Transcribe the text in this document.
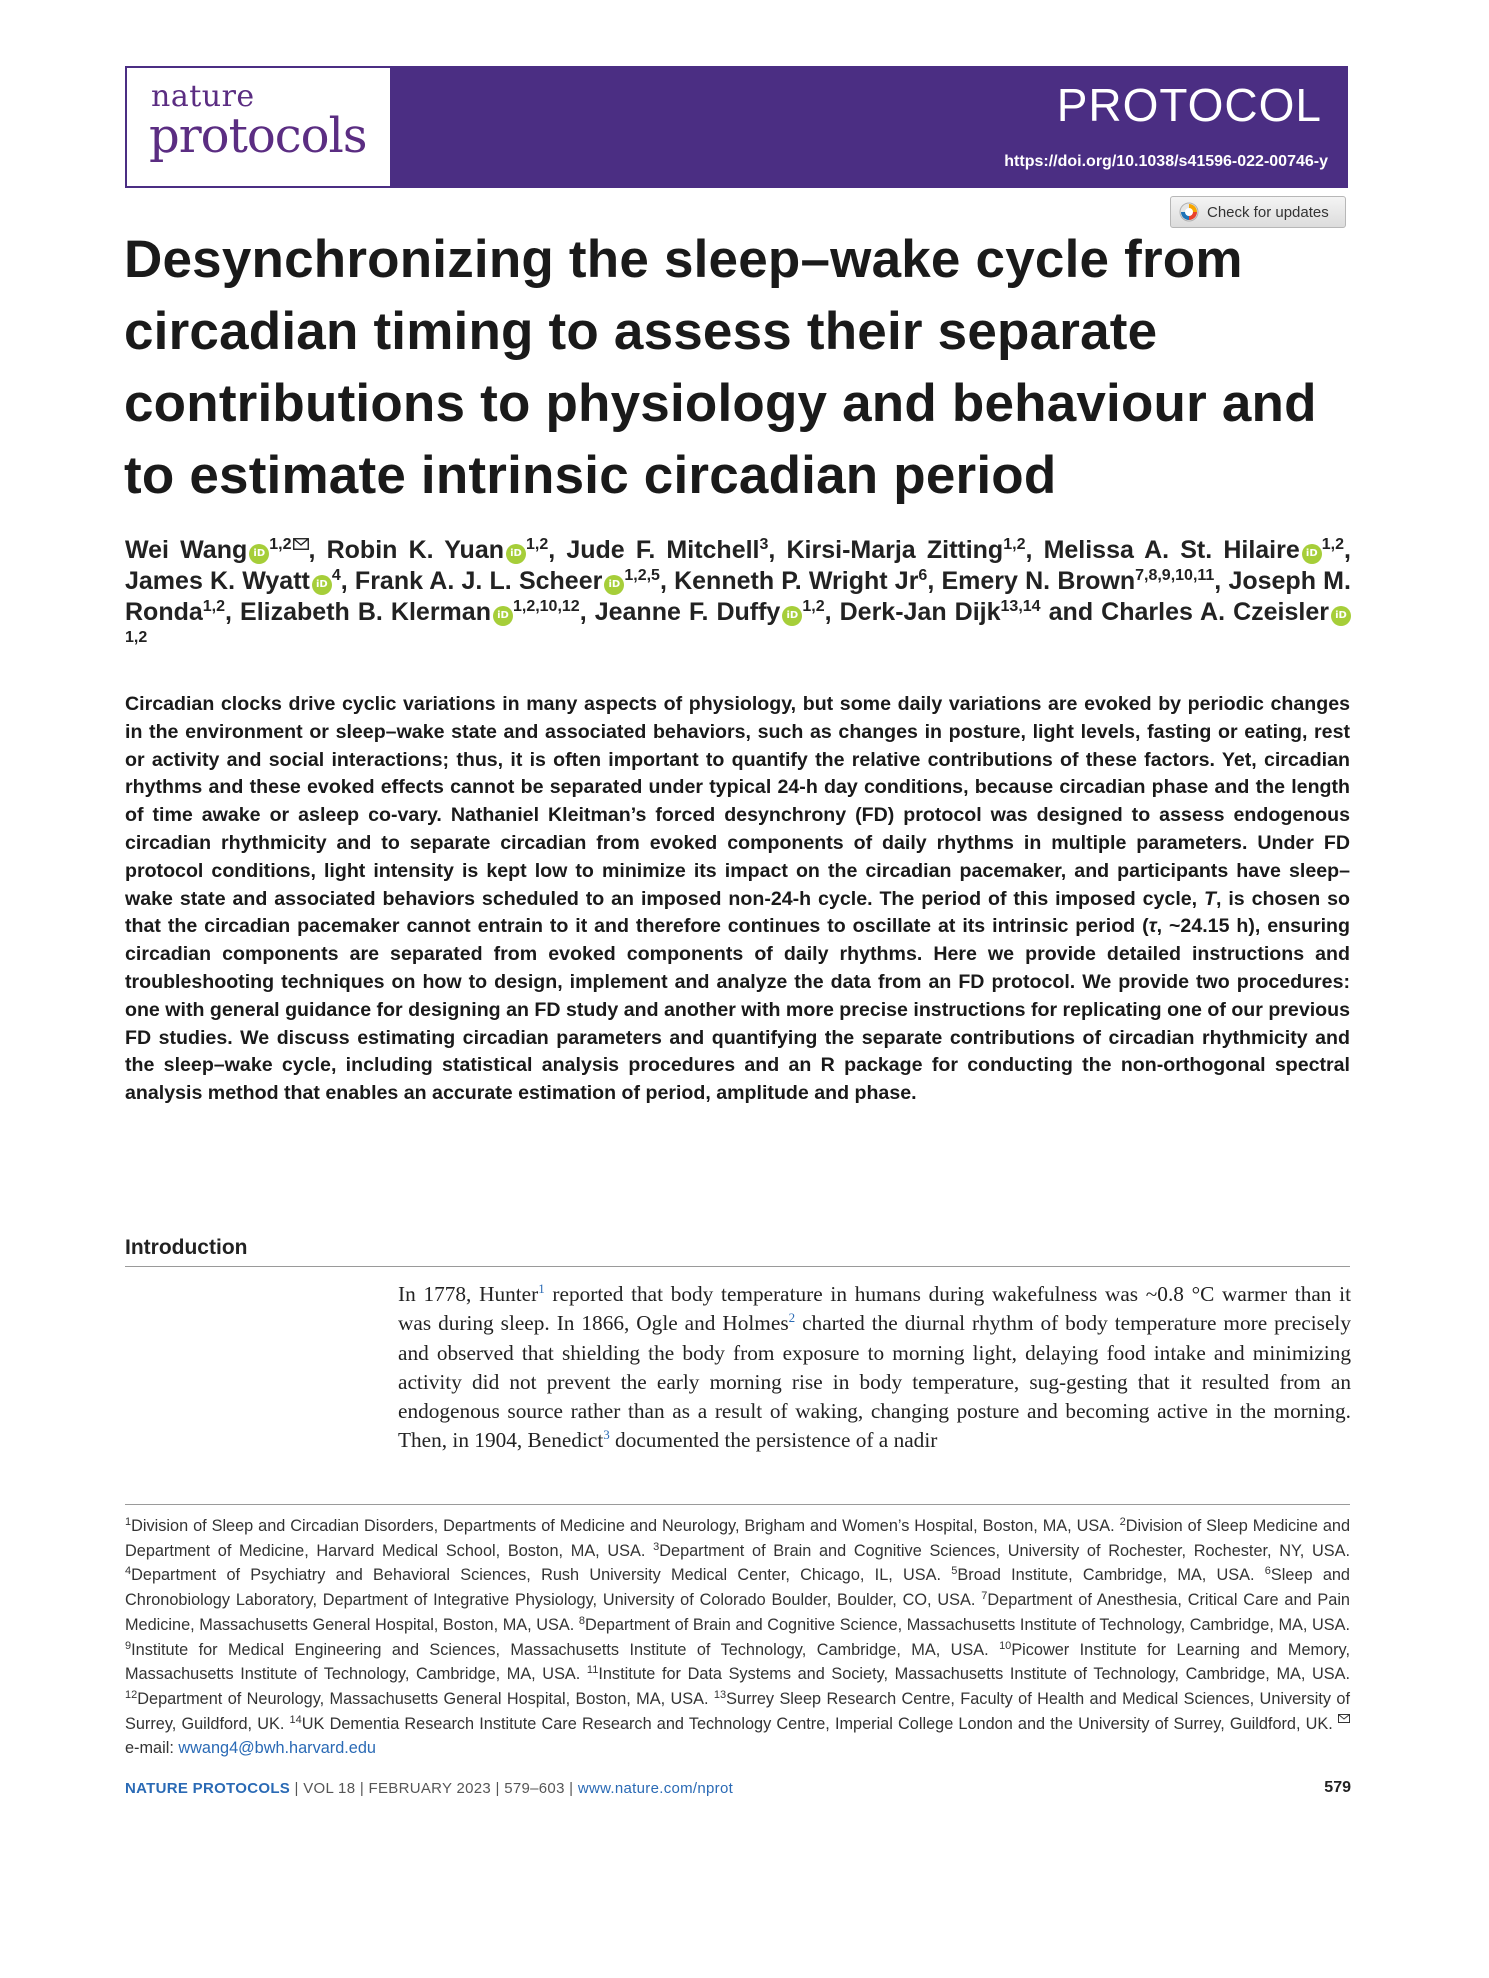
nature
protocols
PROTOCOL
https://doi.org/10.1038/s41596-022-00746-y
Check for updates
Desynchronizing the sleep–wake cycle from circadian timing to assess their separate contributions to physiology and behaviour and to estimate intrinsic circadian period
Wei Wang iD$^{1,2}$ , Robin K. Yuan iD$^{1,2}$, Jude F. Mitchell$^3$, Kirsi-Marja Zitting$^{1,2}$, Melissa A. St. Hilaire iD$^{1,2}$, James K. Wyatt $iD^4$, Frank A. J. L. Scheer iD$^{1,2,5}$, Kenneth P. Wright Jr$^6$, Emery N. Brown$^{7,8,9,10,11}$, Joseph M. Ronda$^{1,2}$, Elizabeth B. Klerman iD$^{1,2,10,12}$, Jeanne F. Duffy iD$^{1,2}$, Derk-Jan Dijk$^{13,14}$ and Charles A. Czeisler iD$^{1,2}$

Circadian clocks drive cyclic variations in many aspects of physiology, but some daily variations are evoked by periodic changes in the environment or sleep–wake state and associated behaviors, such as changes in posture, light levels, fasting or eating, rest or activity and social interactions; thus, it is often important to quantify the relative contributions of these factors. Yet, circadian rhythms and these evoked effects cannot be separated under typical 24-h day conditions, because circadian phase and the length of time awake or asleep co-vary. Nathaniel Kleitman’s forced desynchrony (FD) protocol was designed to assess endogenous circadian rhythmicity and to separate circadian from evoked components of daily rhythms in multiple parameters. Under FD protocol conditions, light intensity is kept low to minimize its impact on the circadian pacemaker, and participants have sleep–wake state and associated behaviors scheduled to an imposed non-24-h cycle. The period of this imposed cycle, T, is chosen so that the circadian pacemaker cannot entrain to it and therefore continues to oscillate at its intrinsic period (τ, ~24.15 h), ensuring circadian components are separated from evoked components of daily rhythms. Here we provide detailed instructions and troubleshooting techniques on how to design, implement and analyze the data from an FD protocol. We provide two procedures: one with general guidance for designing an FD study and another with more precise instructions for replicating one of our previous FD studies. We discuss estimating circadian parameters and quantifying the separate contributions of circadian rhythmicity and the sleep–wake cycle, including statistical analysis procedures and an R package for conducting the non-orthogonal spectral analysis method that enables an accurate estimation of period, amplitude and phase.

Introduction

In 1778, Hunter$^1$ reported that body temperature in humans during wakefulness was ~0.8 °C warmer than it was during sleep. In 1866, Ogle and Holmes$^2$ charted the diurnal rhythm of body temperature more precisely and observed that shielding the body from exposure to morning light, delaying food intake and minimizing activity did not prevent the early morning rise in body temperature, sug-gesting that it resulted from an endogenous source rather than as a result of waking, changing posture and becoming active in the morning. Then, in 1904, Benedict$^3$ documented the persistence of a nadir

$^1$Division of Sleep and Circadian Disorders, Departments of Medicine and Neurology, Brigham and Women’s Hospital, Boston, MA, USA. $^2$Division of Sleep Medicine and Department of Medicine, Harvard Medical School, Boston, MA, USA. $^3$Department of Brain and Cognitive Sciences, University of Rochester, Rochester, NY, USA. $^4$Department of Psychiatry and Behavioral Sciences, Rush University Medical Center, Chicago, IL, USA. $^5$Broad Institute, Cambridge, MA, USA. $^6$Sleep and Chronobiology Laboratory, Department of Integrative Physiology, University of Colorado Boulder, Boulder, CO, USA. $^7$Department of Anesthesia, Critical Care and Pain Medicine, Massachusetts General Hospital, Boston, MA, USA. $^8$Department of Brain and Cognitive Science, Massachusetts Institute of Technology, Cambridge, MA, USA. $^9$Institute for Medical Engineering and Sciences, Massachusetts Institute of Technology, Cambridge, MA, USA. $^{10}$Picower Institute for Learning and Memory, Massachusetts Institute of Technology, Cambridge, MA, USA. $^{11}$Institute for Data Systems and Society, Massachusetts Institute of Technology, Cambridge, MA, USA. $^{12}$Department of Neurology, Massachusetts General Hospital, Boston, MA, USA. $^{13}$Surrey Sleep Research Centre, Faculty of Health and Medical Sciences, University of Surrey, Guildford, UK. $^{14}$UK Dementia Research Institute Care Research and Technology Centre, Imperial College London and the University of Surrey, Guildford, UK. e-mail: wwang4@bwh.harvard.edu

NATURE PROTOCOLS | VOL 18 | FEBRUARY 2023 | 579–603 | www.nature.com/nprot	579
